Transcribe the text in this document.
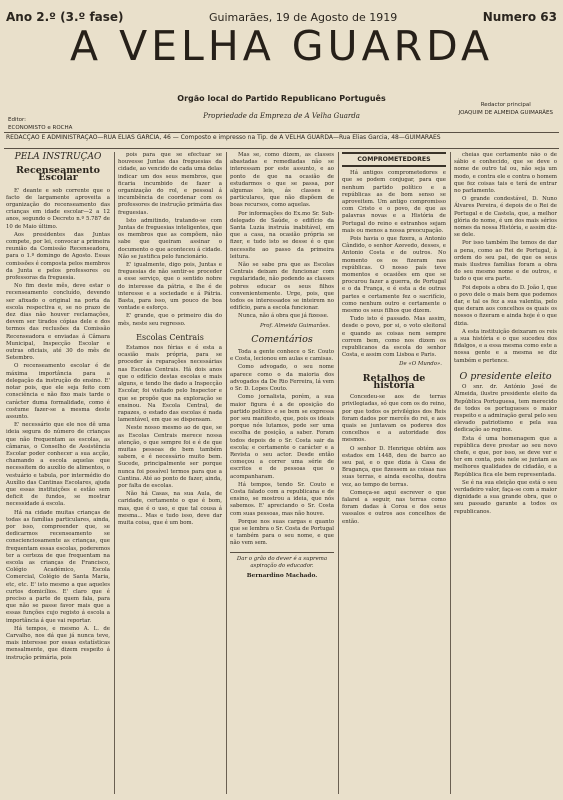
Ano 2.º (3.º fase)	Guimarães, 19 de Agosto de 1919	Numero 63
A VELHA GUARDA
Orgão local do Partido Republicano Português
Propriedade da Empreza de A Velha Guarda
Editor:
ECONOMISTO e ROCHA
Redactor principal
JOAQUIM DE ALMEIDA GUIMARÃES
REDACÇÃO E ADMINISTRAÇÃO—RUA ELIAS GARCIA, 46 — Composto e impresso na Tip. de A VELHA GUARDA—Rua Elias Garcia, 48—GUIMARÃES
PELA INSTRUÇÃO
Recenseamento Escolar

E' deante e sob corrente que o facto de largamente aproveita a organização do recenseamento das crianças em idade escolar—2 a 12 anos, segundo o Decreto n.º 5.787 de 10 de Maio último.

Aos presidentes das Juntas compete, por lei, convocar a primeira reunião da Comissão Recenseadora, para o 1.º domingo de Agosto. Essas comissões é composta pelos membros da Junta e pelos professores ou professoras da freguesia.

No fim deste mês, deve estar o recenseamento concluído, devendo ser afixado o original na porta da escola respectiva e, se no prazo de dez dias não houver reclamações, devem ser tirados cópias dele e dos termos das reclusões da Comissão Recenseadora e enviadas á Câmara Municipal, Inspecção Escolar e outras oficiais, até 30 do mês de Setembro.

O recenseamento escolar é de máxima importância para a delegação da instrução do ensino. E' notar pois, que ele seja feito com consciência e não fixo mais tarde o carácter duma formalidade, como é costume fazer-se a mesma deste assunto.

E' necessário que ele nos dê uma ideia segura do número de crianças que não frequentam as escolas, as câmaras, o Conselho de Assistência Escolar poder conhecer a sua acção, chamando a escola aquelas que necessitem do auxílio de alimentos, o vestuário e tabula, por intermédio do Auxílio das Cantinas Escolares, ajuda que essas instituições e estão sem deficit de fundos, se mostrar necessidade á escola.

Há na cidade muitas crianças de todas as famílias particulares, ainda, por isso, compreender que, se dedicarmos recenseamento se conscienciosamente as crianças, que frequentam essas escolas, poderemos ter a certeza de que frequentam na escola as crianças de Francisco, Colégio Académico, Escola Comercial, Colégio de Santa Maria, etc, etc. E' isto mesmo a que aqueles curtos domicílios. E' claro que é preciso a parte de quem fala, para que não se passe favor mais que a essas funções cujo registo á escola a importância á que vai reportar.

Há tempos, e mesmo A. L. de Carvalho, nos dá que já nunca teve, mais interesse por essas estatísticas mensalmente, que dizem respeito á instrução primária, pois

pois para que se efectuar se houvesse Juntas das freguesias da cidade, ao vencido de cada uma delas indicar um dos seus membros, que ficaria incumbido de fazer a organização do rol, e pessoal á incumbência de coordenar com os professores de instrução primária das freguesias.

Isto admitindo, tratando-se com Juntas de freguesias inteligentes, que os membros que as compõem, não sabe que queiram assinar o documento o que aconteceu á cidade. Não se justifica pelo funcionário.

E' igualmente, digo pois, Juntas e freguesias de não sentir-se proceder a esse serviço, que o sentido nobre do interesse da pátria, e lhe é de interesse e a sociedade e á Pátria. Basta, para isso, um pouco de boa vontade e esforço.

E' grande, que o primeiro dia do mês, neste seu regresso.

Escolas Centrais

Estamos nos férias e é esta a ocasião mais própria, para se proceder ás reparações necessárias nas Escolas Centrais. Há dois anos que o edifício destas escolas e mais alguns, e tendo lhe dado a Inspecção Escolar, foi visitado pelo Inspector e que se propõe que na exploração se ensinou. Na Escola Central, de rapazes, o estado das escolas é nada lamentável, em que se dispensam.

Neste nosso mesmo ao de que, se as Escolas Centrais merece nossa atenção, o que sempre foi e é de que muitas pessoas de bem também sabem, e é necessário muito bem. Sucede, principalmente ser porque nunca foi possível termos para que a Cantina. Até ao ponto de fazer, ainda, por falta de escolas.

Não há Casas, na sua Aula, de caridade, certamente o que é bom, mas, que é o uso, e que tal cousa á mesma... Mas e tudo isso, deve dar muita coisa, que é um bom.

Mas se, como dizem, as classes abastadas e remediadas não se interessam por este assunto, e ao ponto de que na ocasião de estudarmos o que se passa, por algumas leis, ás classes e particulares, que não dispõem de boas recursos, como aquelas.

Por informações do Ex.mo Sr. Sub-delegado de Saúde, o edifício da Santa Luzia instruía inabitável, em que a casa, na ocasião própria se fizer, e tudo isto se desse é o que necessite ao passo da primeira leitura.

Não se sabe pra que as Escolas Centrais deixam de funcionar com regularidade, não podendo as classes pobres educar os seus filhos convenientemente. Urge, pois, que todos os interessados se inteirem no edifício, para a escola funcionar.

Nunca, não á obra que já fizesse.

Prof. Almeida Guimarães.
Comentários

Toda a gente conhece o Sr. Couto e Costa, lecionou em aulas e camisas.

Como advogado, o seu nome aparece como o da maioria dos advogados da De Rio Ferreira, lá vem o Sr. D. Lopes Couto.

Como jornalista, porém, a sua maior figura é a de oposição do partido político e se bem se expressa por seu manifesto, que, pois os ideais porque nós lutamos, pode ser uma escolha de posição, a saber. Foram todos depois de o Sr. Costa sair da escola; e certamente o carácter e a Revista o seu actor. Desde então começou a correr uma série de escritos e de pessoas que o acompanharam.

Há tempos, tendo Sr. Couto e Costa falado com a republicana e de ensino, se mostrou a ideia, que nós sabemos. E' apreciando o Sr. Costa com suas pessoas, mas não houve.

Porque nos suas cargas e quanto que se lembra o Sr. Costa de Portugal e também para o seu nome, e que não vem sem.

Dar o grão do dever é a suprema aspiração do educador.
Bernardino Machado.
COMPROMETEDORES

Há antigos comprometedores e que se podem conjugar, para que nenhum partido político e a repúblicas as de bom senso se aproveitem. Um antigo compromisso com Cristo e o povo, de que as palavras novas e a História de Portugal do reino e estranhos sejam mais ou menos a nossa preocupação.

Pois havia o que fizera, a Antonio Cândido, o senhor Azevedo, desses, e Antonio Costa e de outros. No momento os os fizeram nas repúblicas. O nosso país teve momentos e ocasiões em que se procurou fazer a guerra, de Portugal e o da França, e é esta a de outras partes e certamente fez o sacrifício, como nenhum outro e certamente o mesmo os seus filhos que dizem.

Tudo isto é passado. Mas assim, desde o povo, por si, o voto eleitoral e quando as coisas nem sempre correm bem, como nos dizem os republicanos da escola do senhor Costa, e assim com Lisboa e Paris.

De «O Mundo».
Retalhos de história

Concedeu-se aos de terras privilegiadas, só que com os do reino, por que todos os privilégios dos Reis foram dados por mercês do rei, e aos quais se juntavam os poderes dos concelhos e a autoridade dos mesmos.

O senhor D. Henrique obtém aos estados em 1448, deu de barco ao seu pai, e o que dizia à Casa de Bragança, que fizessem as coisas nas suas terras, e ainda escolha, doutra vez, ao tempo de terras.

Começa-se aqui escrever o que falarei a seguir, nas terras como foram dadas à Coroa e dos seus vassalos e outros aos concelhos de então.

cheias que certamente não o de sábio e conhecido, que se deve o nome de outro tal ou, não seja um modo, e contra ele e contra o homem que fez coisas tais e terá de entrar no parlamento.

O grande condestável, D. Nuno Álvares Pereira, é depois de o Rei de Portugal e de Castela, que, a melhor glória do nome, é um dos mais sérios nomes da nossa História, e assim diz-se dele.

Por isso também lhe temos de dar a pena, como ao Rei de Portugal, à ordem do seu pai, de que os seus mais ilustres famílias foram a obra do seu mesmo nome e de outros, e tudo o que era parte.

Foi depois a obra do D. João I, que o povo dele o mais bem que podemos dar, e tal os fez a sua valentia, pelo que deram aos concelhos os quais os nossos o fizeram e ainda hoje é o que dizia.

A esta instituição deixaram os reis a sua história e o que sucedeu dos fidalgos, e a essa mesma como este a nossa gente e a mesma se diz também e pertence.

O presidente eleito

O snr. dr. António José de Almeida, ilustre presidente eleito da República Portuguesa, tem merecido de todos os portugueses o maior respeito e a admiração geral pelo seu elevado patriotismo e pela sua dedicação ao regime.

Esta é uma homenagem que a república deve prestar ao seu novo chefe, e que, por isso, se deve ver e ter em conta, pois nele se juntam as melhores qualidades de cidadão, e a República fica ele bem representada.

Se é na sua eleição que está o seu verdadeiro valor, faça-se com a maior dignidade a sua grande obra, que o seu passado garante a todos os republicanos.
